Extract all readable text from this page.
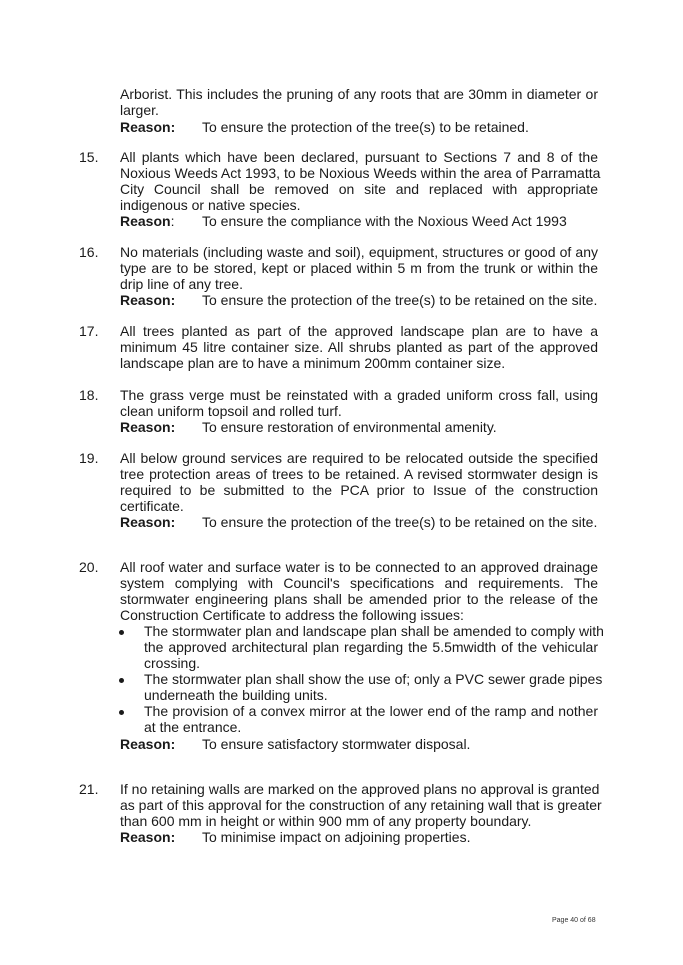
Arborist. This includes the pruning of any roots that are 30mm in diameter or
larger.
Reason: To ensure the protection of the tree(s) to be retained.
15. All plants which have been declared, pursuant to Sections 7 and 8 of the
Noxious Weeds Act 1993, to be Noxious Weeds within the area of Parramatta
City Council shall be removed on site and replaced with appropriate
indigenous or native species.
Reason: To ensure the compliance with the Noxious Weed Act 1993
16. No materials (including waste and soil), equipment, structures or good of any
type are to be stored, kept or placed within 5 m from the trunk or within the
drip line of any tree.
Reason: To ensure the protection of the tree(s) to be retained on the site.
17. All trees planted as part of the approved landscape plan are to have a
minimum 45 litre container size. All shrubs planted as part of the approved
landscape plan are to have a minimum 200mm container size.
18. The grass verge must be reinstated with a graded uniform cross fall, using
clean uniform topsoil and rolled turf.
Reason: To ensure restoration of environmental amenity.
19. All below ground services are required to be relocated outside the specified
tree protection areas of trees to be retained. A revised stormwater design is
required to be submitted to the PCA prior to Issue of the construction
certificate.
Reason: To ensure the protection of the tree(s) to be retained on the site.
20. All roof water and surface water is to be connected to an approved drainage
system complying with Council's specifications and requirements. The
stormwater engineering plans shall be amended prior to the release of the
Construction Certificate to address the following issues:
The stormwater plan and landscape plan shall be amended to comply with
the approved architectural plan regarding the 5.5mwidth of the vehicular
crossing.
The stormwater plan shall show the use of; only a PVC sewer grade pipes
underneath the building units.
The provision of a convex mirror at the lower end of the ramp and nother
at the entrance.
Reason: To ensure satisfactory stormwater disposal.
21. If no retaining walls are marked on the approved plans no approval is granted
as part of this approval for the construction of any retaining wall that is greater
than 600 mm in height or within 900 mm of any property boundary.
Reason: To minimise impact on adjoining properties.
Page 40 of 68
